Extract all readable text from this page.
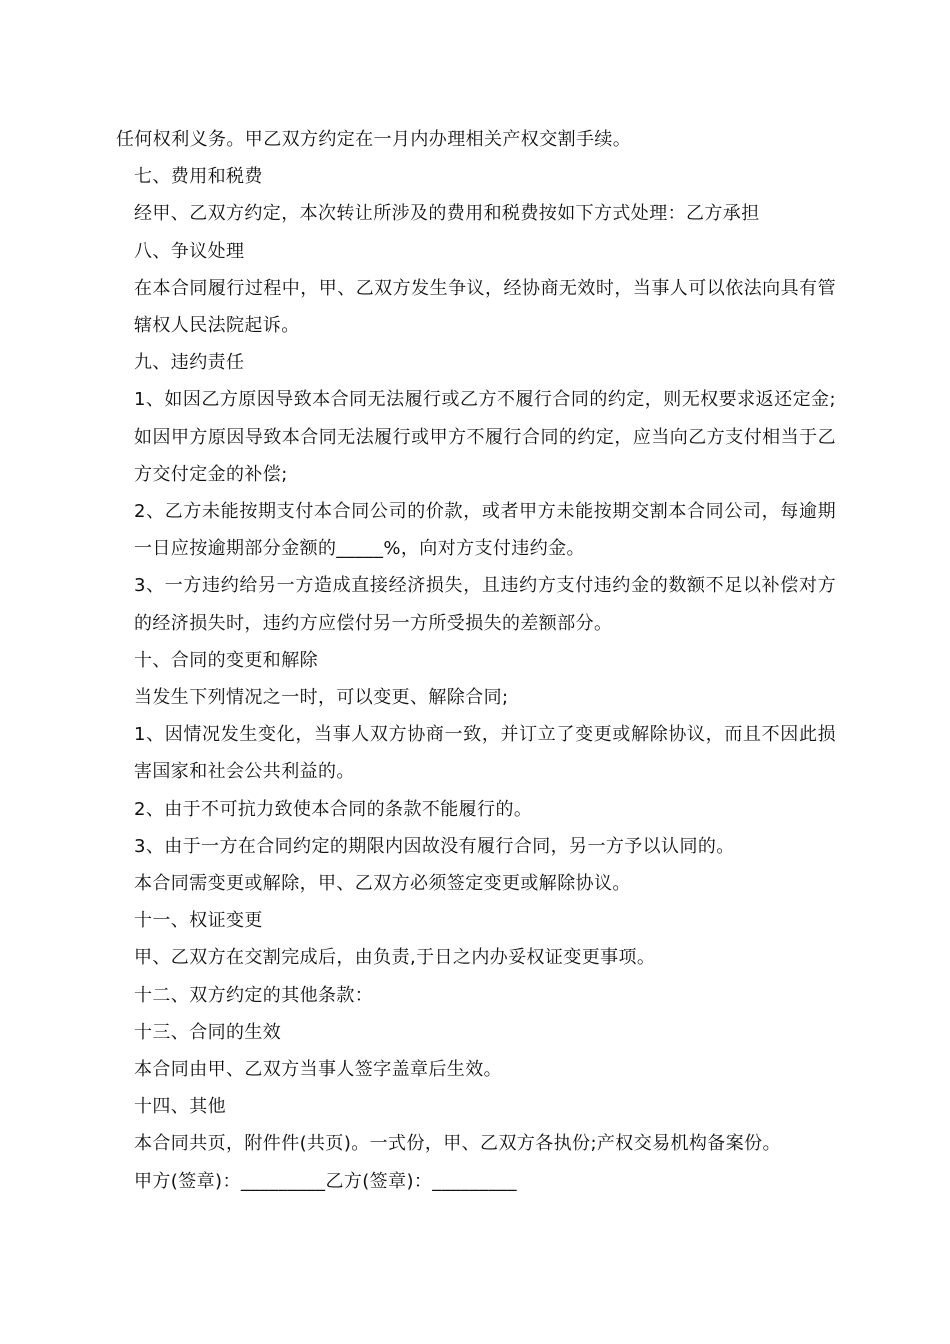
任何权利义务。甲乙双方约定在一月内办理相关产权交割手续。

七、费用和税费

经甲、乙双方约定，本次转让所涉及的费用和税费按如下方式处理：乙方承担

八、争议处理

在本合同履行过程中，甲、乙双方发生争议，经协商无效时，当事人可以依法向具有管辖权人民法院起诉。

九、违约责任

1、如因乙方原因导致本合同无法履行或乙方不履行合同的约定，则无权要求返还定金;如因甲方原因导致本合同无法履行或甲方不履行合同的约定，应当向乙方支付相当于乙方交付定金的补偿;

2、乙方未能按期支付本合同公司的价款，或者甲方未能按期交割本合同公司，每逾期一日应按逾期部分金额的_____%，向对方支付违约金。

3、一方违约给另一方造成直接经济损失，且违约方支付违约金的数额不足以补偿对方的经济损失时，违约方应偿付另一方所受损失的差额部分。

十、合同的变更和解除

当发生下列情况之一时，可以变更、解除合同;

1、因情况发生变化，当事人双方协商一致，并订立了变更或解除协议，而且不因此损害国家和社会公共利益的。

2、由于不可抗力致使本合同的条款不能履行的。

3、由于一方在合同约定的期限内因故没有履行合同，另一方予以认同的。

本合同需变更或解除，甲、乙双方必须签定变更或解除协议。

十一、权证变更

甲、乙双方在交割完成后，由负责,于日之内办妥权证变更事项。

十二、双方约定的其他条款：

十三、合同的生效

本合同由甲、乙双方当事人签字盖章后生效。

十四、其他

本合同共页，附件件(共页)。一式份，甲、乙双方各执份;产权交易机构备案份。

甲方(签章)：_________乙方(签章)：_________
